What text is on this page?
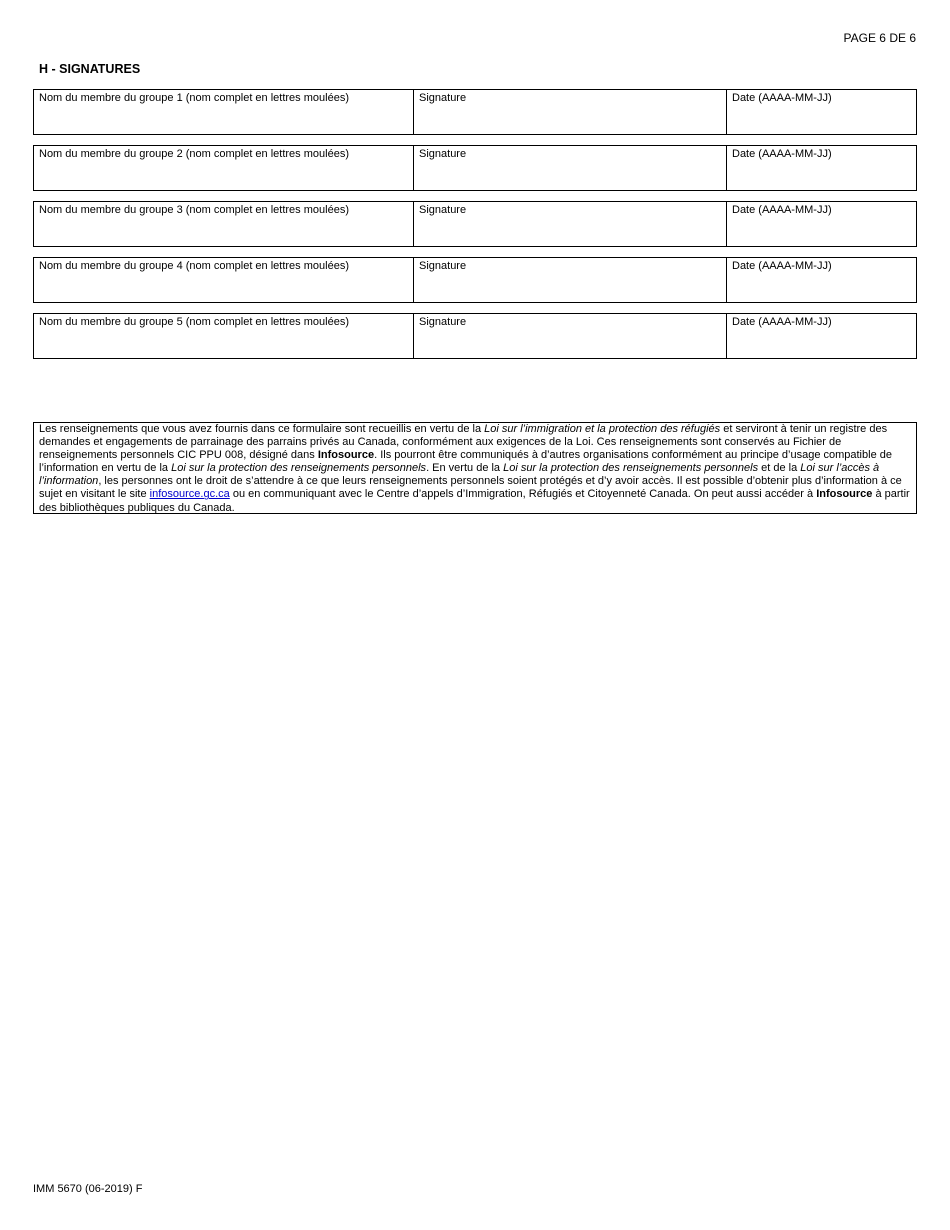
PAGE 6 DE 6
H - SIGNATURES
Nom du membre du groupe 1 (nom complet en lettres moulées)	Signature	Date (AAAA-MM-JJ)
Nom du membre du groupe 2 (nom complet en lettres moulées)	Signature	Date (AAAA-MM-JJ)
Nom du membre du groupe 3 (nom complet en lettres moulées)	Signature	Date (AAAA-MM-JJ)
Nom du membre du groupe 4 (nom complet en lettres moulées)	Signature	Date (AAAA-MM-JJ)
Nom du membre du groupe 5 (nom complet en lettres moulées)	Signature	Date (AAAA-MM-JJ)
Les renseignements que vous avez fournis dans ce formulaire sont recueillis en vertu de la Loi sur l’immigration et la protection des réfugiés et serviront à tenir un registre des demandes et engagements de parrainage des parrains privés au Canada, conformément aux exigences de la Loi. Ces renseignements sont conservés au Fichier de renseignements personnels CIC PPU 008, désigné dans Infosource. Ils pourront être communiqués à d’autres organisations conformément au principe d’usage compatible de l’information en vertu de la Loi sur la protection des renseignements personnels. En vertu de la Loi sur la protection des renseignements personnels et de la Loi sur l’accès à l’information, les personnes ont le droit de s’attendre à ce que leurs renseignements personnels soient protégés et d’y avoir accès. Il est possible d’obtenir plus d’information à ce sujet en visitant le site infosource.gc.ca ou en communiquant avec le Centre d’appels d’Immigration, Réfugiés et Citoyenneté Canada. On peut aussi accéder à Infosource à partir des bibliothèques publiques du Canada.
IMM 5670 (06-2019) F
